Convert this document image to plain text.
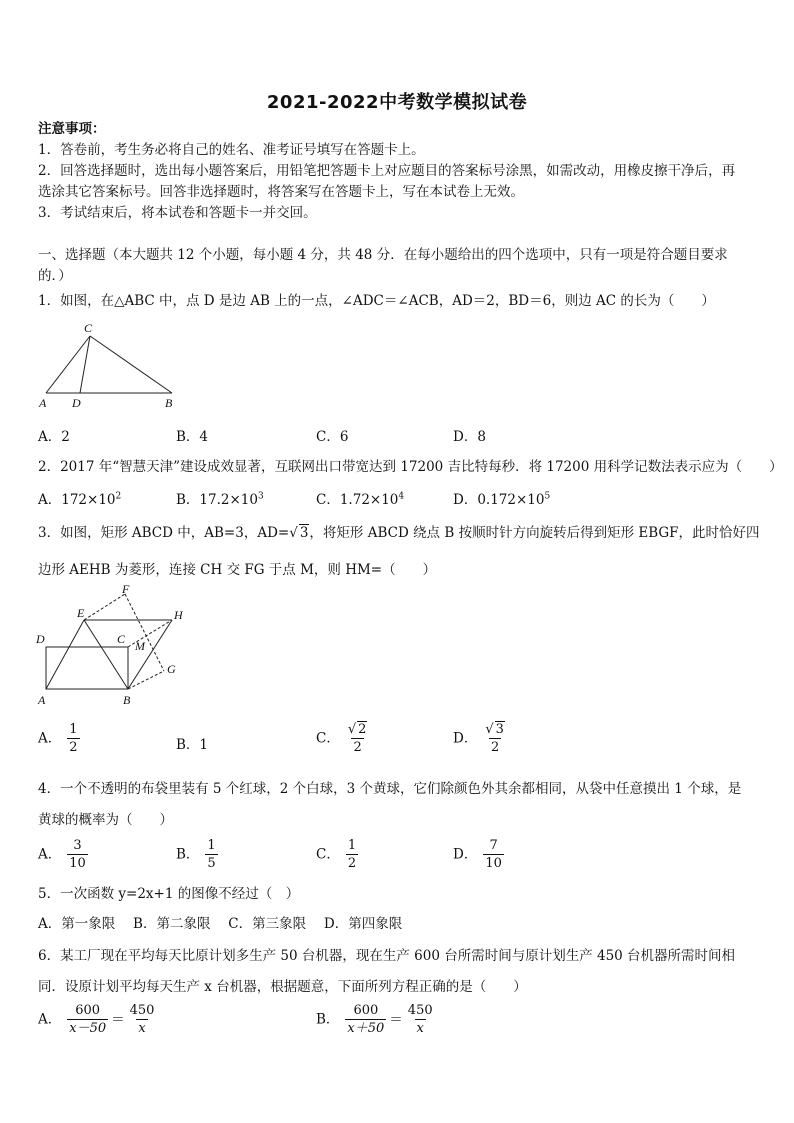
2021-2022中考数学模拟试卷
注意事项：
1．答卷前，考生务必将自己的姓名、准考证号填写在答题卡上。
2．回答选择题时，选出每小题答案后，用铅笔把答题卡上对应题目的答案标号涂黑，如需改动，用橡皮擦干净后，再
选涂其它答案标号。回答非选择题时，将答案写在答题卡上，写在本试卷上无效。
3．考试结束后，将本试卷和答题卡一并交回。
一、选择题（本大题共 12 个小题，每小题 4 分，共 48 分．在每小题给出的四个选项中，只有一项是符合题目要求
的．）
1．如图，在△ABC 中，点 D 是边 AB 上的一点，∠ADC＝∠ACB，AD＝2，BD＝6，则边 AC 的长为（　　）
C
A D	B
A．2	B．4	C．6	D．8
2．2017 年“智慧天津”建设成效显著，互联网出口带宽达到 17200 吉比特每秒．将 17200 用科学记数法表示应为（　　）
A．$172\times 10^2$	B．$17.2\times 10^3$	C．$1.72\times 10^4$	D．$0.172\times 10^5$
3．如图，矩形 ABCD 中，AB=3，AD=√ 3，将矩形 ABCD 绕点 B 按顺时针方向旋转后得到矩形 EBGF，此时恰好四
边形 AEHB 为菱形，连接 CH 交 FG 于点 M，则 HM=（　　）
F
E	H
D	C M
G
A	B
A． $\frac{1}{2}$	B．1	C． $\frac{√ 2}{2}$	D． $\frac{√ 3}{2}$
4．一个不透明的布袋里装有 5 个红球，2 个白球，3 个黄球，它们除颜色外其余都相同，从袋中任意摸出 1 个球，是
黄球的概率为（　　）
A． $\frac{3}{10}$	B． $\frac{1}{5}$	C． $\frac{1}{2}$	D． $\frac{7}{10}$
5．一次函数 y=2x+1 的图像不经过（　）
A．第一象限　 B．第二象限　 C．第三象限　 D．第四象限
6．某工厂现在平均每天比原计划多生产 50 台机器，现在生产 600 台所需时间与原计划生产 450 台机器所需时间相
同．设原计划平均每天生产 x 台机器，根据题意，下面所列方程正确的是（　　）
A． $\frac{600}{x-50} = \frac{450}{x}$	B． $\frac{600}{x+50} = \frac{450}{x}$
